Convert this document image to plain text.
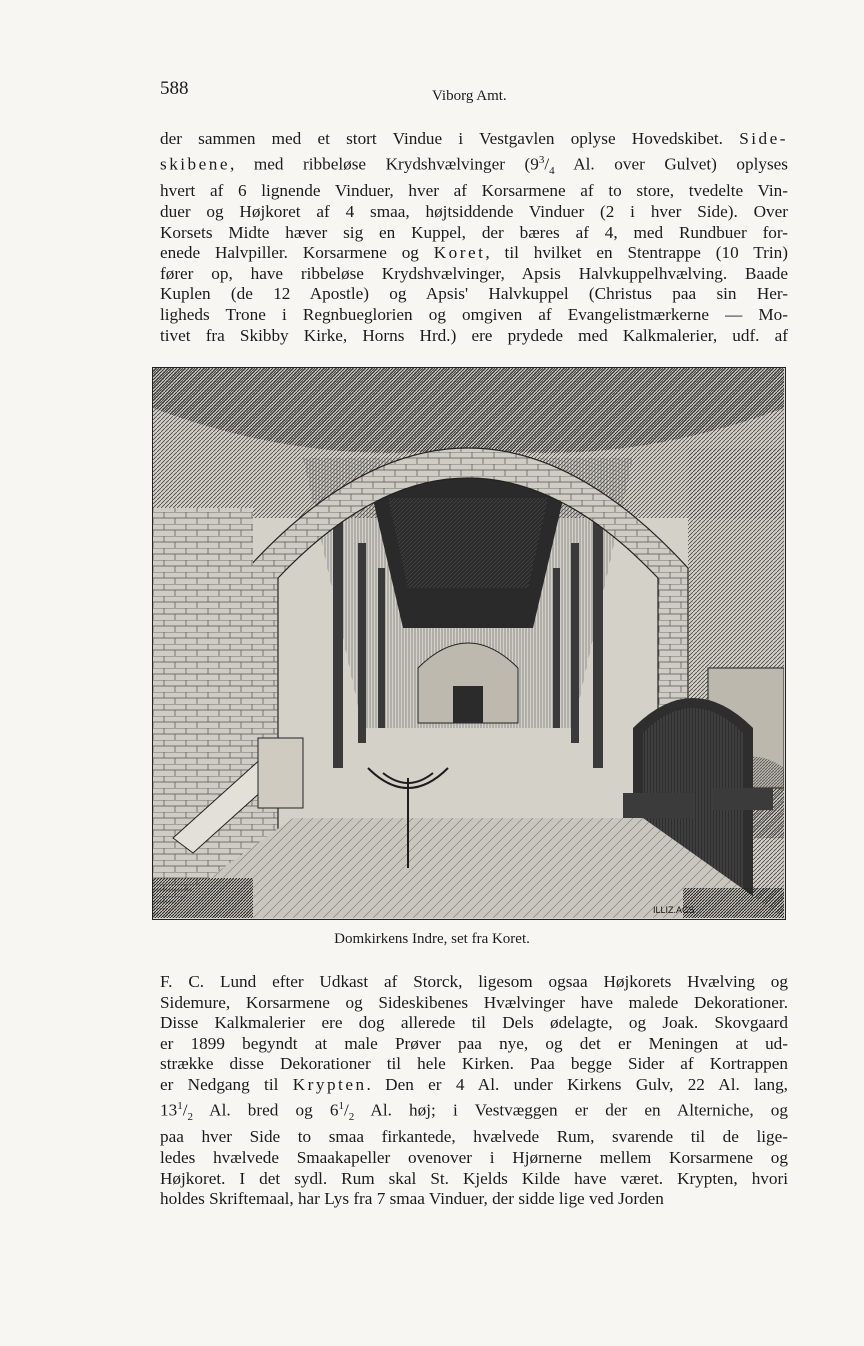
588	Viborg Amt.

der sammen med et stort Vindue i Vestgavlen oplyse Hovedskibet. Side-
skibene, med ribbeløse Krydshvælvinger ($9^3/_4$ Al. over Gulvet) oplyses
hvert af 6 lignende Vinduer, hver af Korsarmene af to store, tvedelte Vin-
duer og Højkoret af 4 smaa, højtsiddende Vinduer (2 i hver Side). Over
Korsets Midte hæver sig en Kuppel, der bæres af 4, med Rundbuer for-
enede Halvpiller. Korsarmene og Koret, til hvilket en Stentrappe (10 Trin)
fører op, have ribbeløse Krydshvælvinger, Apsis Halvkuppelhvælving. Baade
Kuplen (de 12 Apostle) og Apsis' Halvkuppel (Christus paa sin Her-
ligheds Trone i Regnbueglorien og omgiven af Evangelistmærkerne — Mo-
tivet fra Skibby Kirke, Horns Hrd.) ere prydede med Kalkmalerier, udf. af

ILLIZ.ACS
Domkirkens Indre, set fra Koret.

F. C. Lund efter Udkast af Storck, ligesom ogsaa Højkorets Hvælving og
Sidemure, Korsarmene og Sideskibenes Hvælvinger have malede Dekorationer.
Disse Kalkmalerier ere dog allerede til Dels ødelagte, og Joak. Skovgaard
er 1899 begyndt at male Prøver paa nye, og det er Meningen at ud-
strække disse Dekorationer til hele Kirken. Paa begge Sider af Kortrappen
er Nedgang til Krypten. Den er 4 Al. under Kirkens Gulv, 22 Al. lang,
$13^1/_2$ Al. bred og $6^1/_2$ Al. høj; i Vestvæggen er der en Alterniche, og
paa hver Side to smaa firkantede, hvælvede Rum, svarende til de lige-
ledes hvælvede Smaakapeller ovenover i Hjørnerne mellem Korsarmene og
Højkoret. I det sydl. Rum skal St. Kjelds Kilde have været. Krypten, hvori
holdes Skriftemaal, har Lys fra 7 smaa Vinduer, der sidde lige ved Jorden
